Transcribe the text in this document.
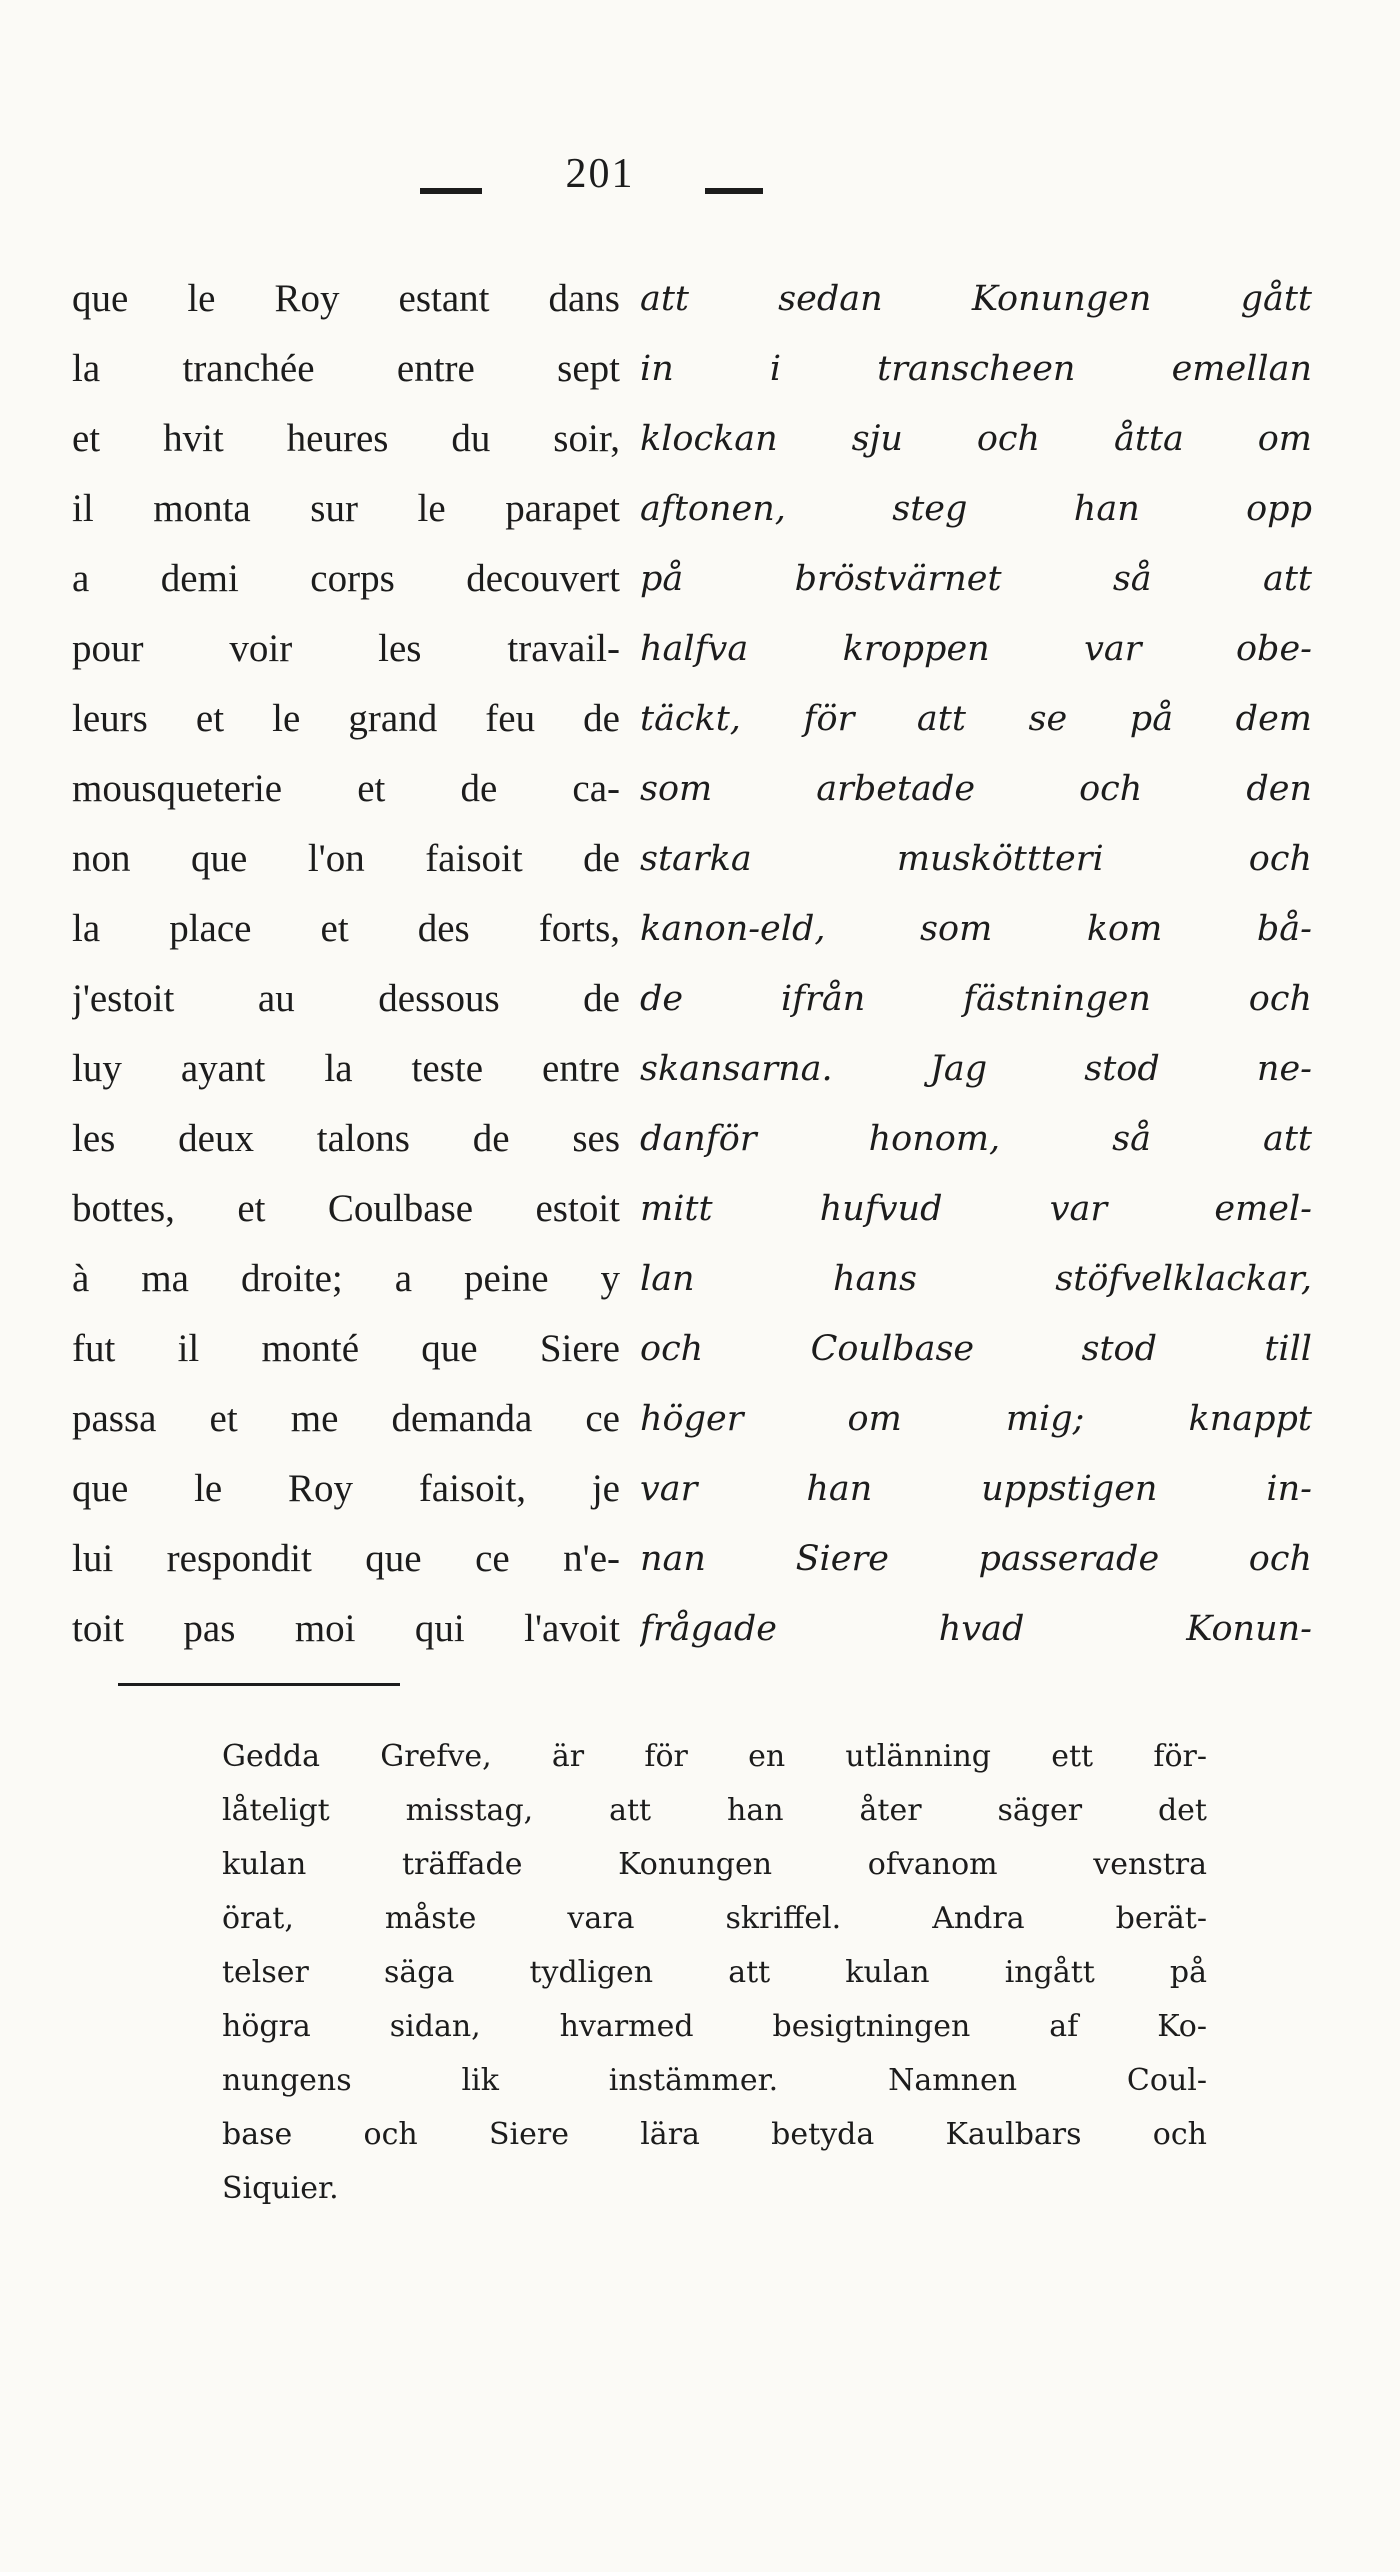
201
que le Roy estant dans
la tranchée entre sept
et hvit heures du soir,
il monta sur le parapet
a demi corps decouvert
pour voir les travail-
leurs et le grand feu de
mousqueterie et de ca-
non que l'on faisoit de
la place et des forts,
j'estoit au dessous de
luy ayant la teste entre
les deux talons de ses
bottes, et Coulbase estoit
à ma droite; a peine y
fut il monté que Siere
passa et me demanda ce
que le Roy faisoit, je
lui respondit que ce n'e-
toit pas moi qui l'avoit
att sedan Konungen gått
in i transcheen emellan
klockan sju och åtta om
aftonen, steg han opp
på bröstvärnet så att
halfva kroppen var obe-
täckt, för att se på dem
som arbetade och den
starka musköttteri och
kanon-eld, som kom bå-
de ifrån fästningen och
skansarna. Jag stod ne-
danför honom, så att
mitt hufvud var emel-
lan hans stöfvelklackar,
och Coulbase stod till
höger om mig; knappt
var han uppstigen in-
nan Siere passerade och
frågade hvad Konun-
Gedda Grefve, är för en utlänning ett för-
låteligt misstag, att han åter säger det
kulan träffade Konungen ofvanom venstra
örat, måste vara skriffel. Andra berät-
telser säga tydligen att kulan ingått på
högra sidan, hvarmed besigtningen af Ko-
nungens lik instämmer. Namnen Coul-
base och Siere lära betyda Kaulbars och
Siquier.
